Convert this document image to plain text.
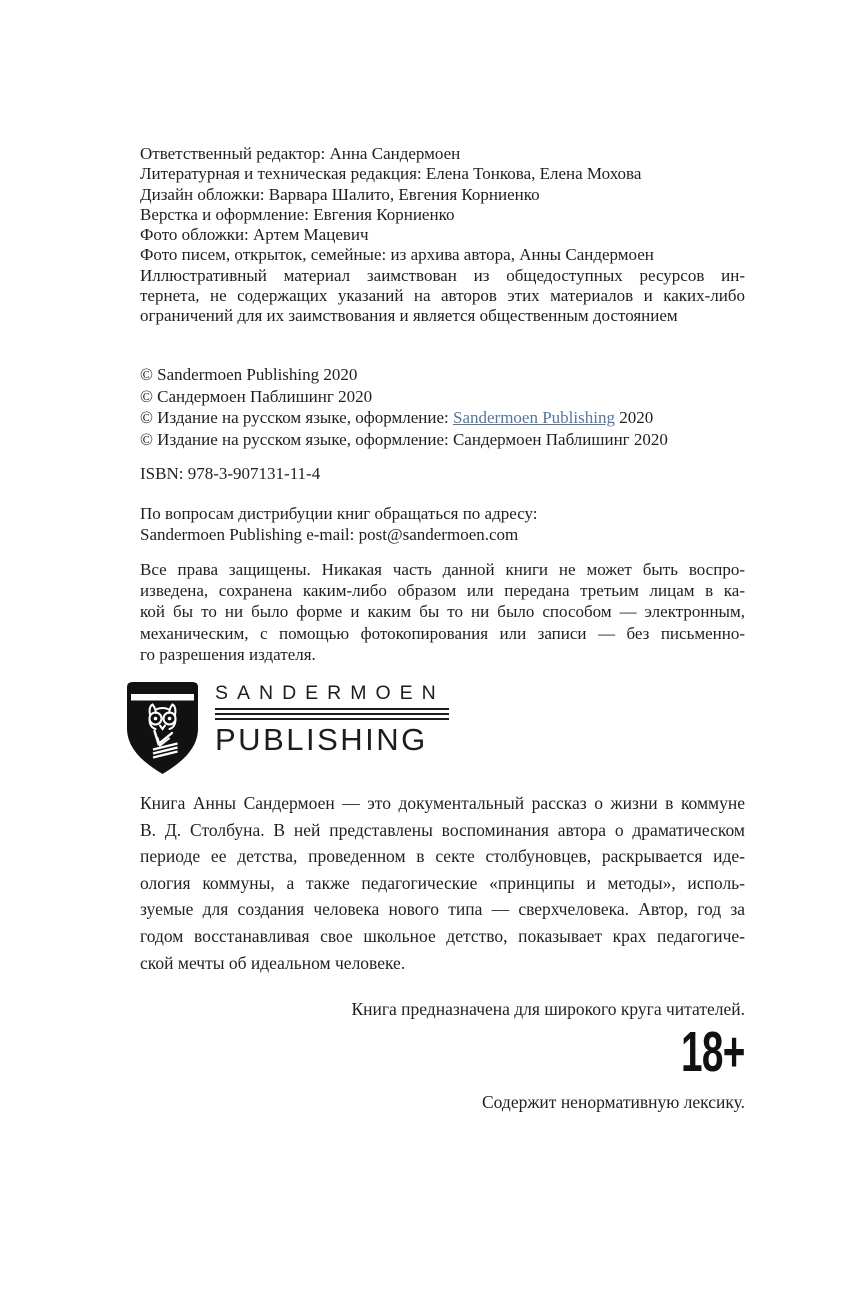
Ответственный редактор: Анна Сандермоен
Литературная и техническая редакция: Елена Тонкова, Елена Мохова
Дизайн обложки: Варвара Шалито, Евгения Корниенко
Верстка и оформление: Евгения Корниенко
Фото обложки: Артем Мацевич
Фото писем, открыток, семейные: из архива автора, Анны Сандермоен
Иллюстративный материал заимствован из общедоступных ресурсов ин-
тернета, не содержащих указаний на авторов этих материалов и каких-либо
ограничений для их заимствования и является общественным достоянием
© Sandermoen Publishing 2020
© Сандермоен Паблишинг 2020
© Издание на русском языке, оформление: Sandermoen Publishing 2020
© Издание на русском языке, оформление: Сандермоен Паблишинг 2020
ISBN: 978-3-907131-11-4
По вопросам дистрибуции книг обращаться по адресу:
Sandermoen Publishing e-mail: post@sandermoen.com
Все права защищены. Никакая часть данной книги не может быть воспро-
изведена, сохранена каким-либо образом или передана третьим лицам в ка-
кой бы то ни было форме и каким бы то ни было способом — электронным,
механическим, с помощью фотокопирования или записи — без письменно-
го разрешения издателя.
SANDERMOEN
PUBLISHING
Книга Анны Сандермоен — это документальный рассказ о жизни в коммуне
В. Д. Столбуна. В ней представлены воспоминания автора о драматическом
периоде ее детства, проведенном в секте столбуновцев, раскрывается иде-
ология коммуны, а также педагогические «принципы и методы», исполь-
зуемые для создания человека нового типа — сверхчеловека. Автор, год за
годом восстанавливая свое школьное детство, показывает крах педагогиче-
ской мечты об идеальном человеке.
Книга предназначена для широкого круга читателей.
18+
Содержит ненормативную лексику.
